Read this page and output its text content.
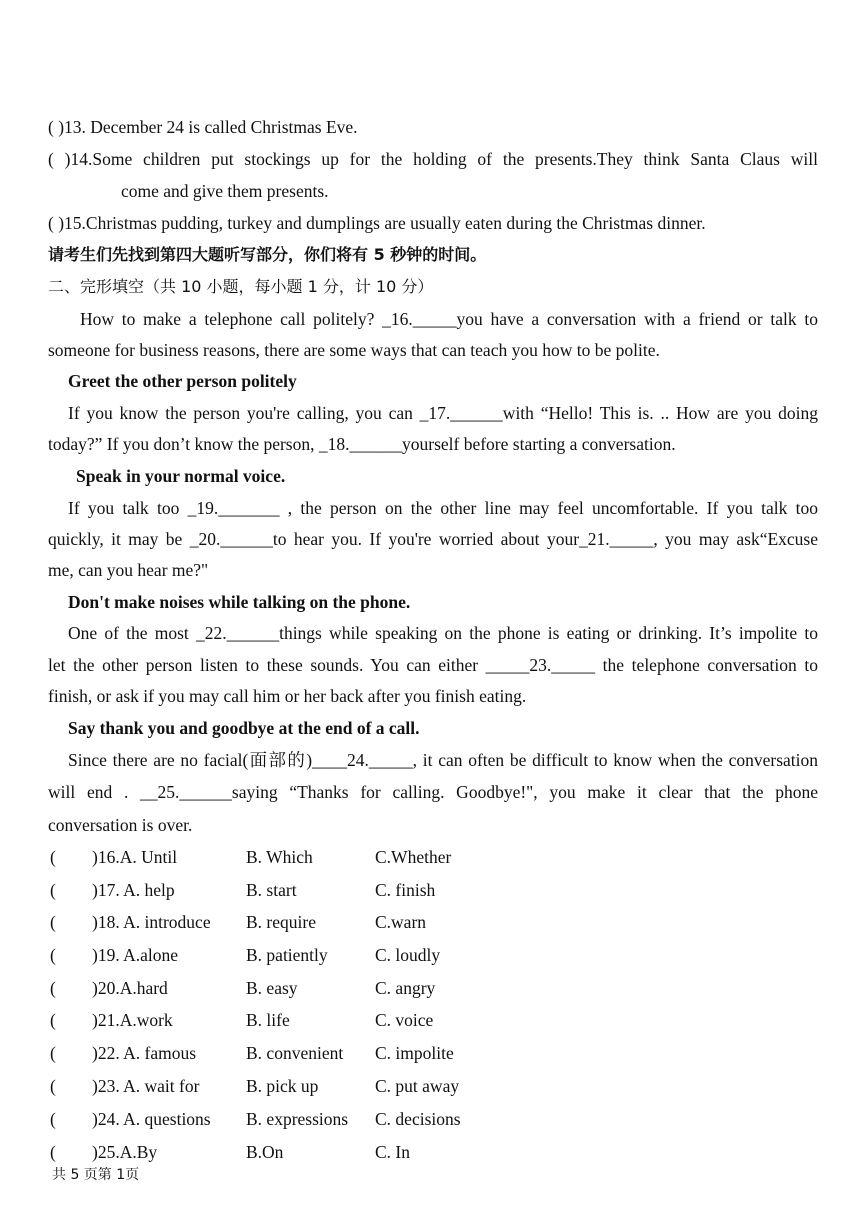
( )13. December 24 is called Christmas Eve.
( )14.Some children put stockings up for the holding of the presents.They think Santa Claus will
come and give them presents.
( )15.Christmas pudding, turkey and dumplings are usually eaten during the Christmas dinner.
请考生们先找到第四大题听写部分，你们将有 5 秒钟的时间。
二、完形填空（共 10 小题，每小题 1 分，计 10 分）
How to make a telephone call politely? _16._____you have a conversation with a friend or talk to
someone for business reasons, there are some ways that can teach you how to be polite.
Greet the other person politely
If you know the person you're calling, you can _17.______with “Hello! This is. .. How are you doing
today?” If you don’t know the person, _18.______yourself before starting a conversation.
Speak in your normal voice.
If you talk too _19._______ , the person on the other line may feel uncomfortable. If you talk too
quickly, it may be _20.______to hear you. If you're worried about your_21._____, you may ask“Excuse
me, can you hear me?"
Don't make noises while talking on the phone.
One of the most _22.______things while speaking on the phone is eating or drinking. It’s impolite to
let the other person listen to these sounds. You can either _____23._____ the telephone conversation to
finish, or ask if you may call him or her back after you finish eating.
Say thank you and goodbye at the end of a call.
Since there are no facial(面部的)____24._____, it can often be difficult to know when the conversation
will end . __25.______saying “Thanks for calling. Goodbye!", you make it clear that the phone
conversation is over.
( )16.A. Until	B. Which	C.Whether
( )17. A. help	B. start	C. finish
( )18. A. introduce B. require	C.warn
( )19. A.alone	B. patiently	C. loudly
( )20.A.hard	B. easy	C. angry
( )21.A.work	B. life	C. voice
( )22. A. famous	B. convenient C. impolite
( )23. A. wait for	B. pick up	C. put away
( )24. A. questions B. expressions C. decisions
( )25.A.By	B.On	C. In
共 5 页第 1页
